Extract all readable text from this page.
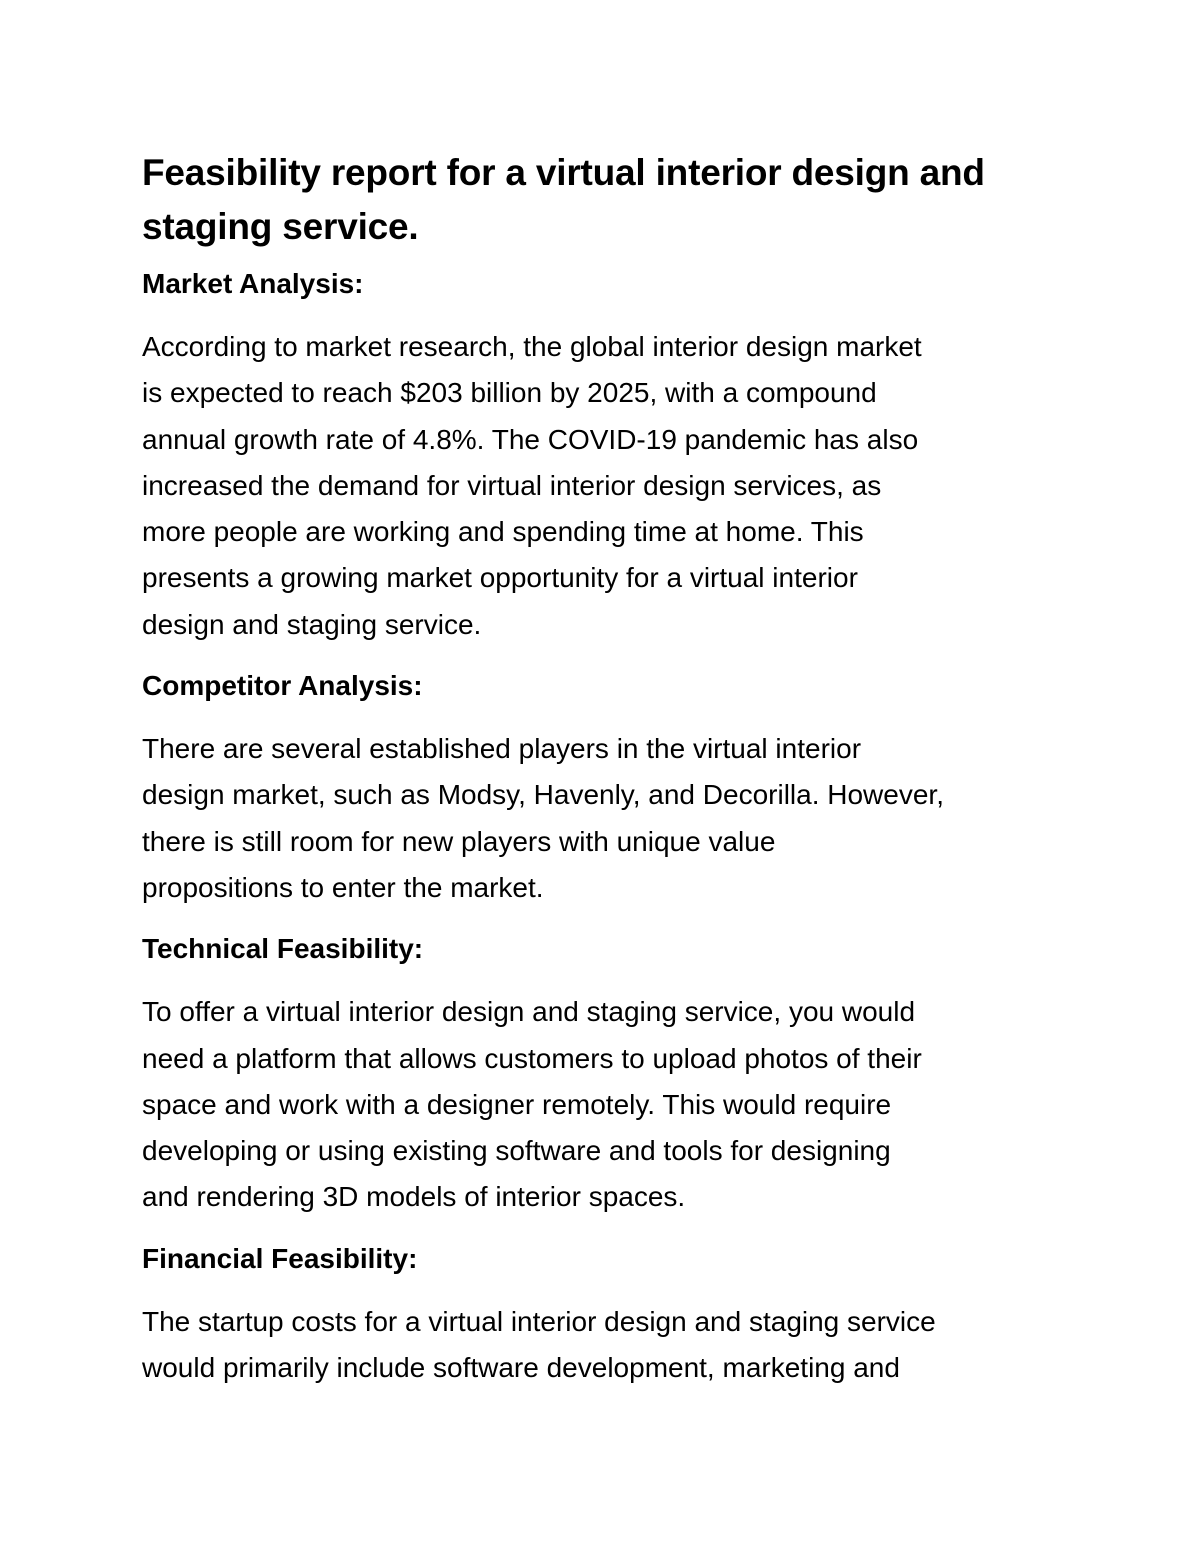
Feasibility report for a virtual interior design and
staging service.
Market Analysis:

According to market research, the global interior design market
is expected to reach $203 billion by 2025, with a compound
annual growth rate of 4.8%. The COVID-19 pandemic has also
increased the demand for virtual interior design services, as
more people are working and spending time at home. This
presents a growing market opportunity for a virtual interior
design and staging service.

Competitor Analysis:

There are several established players in the virtual interior
design market, such as Modsy, Havenly, and Decorilla. However,
there is still room for new players with unique value
propositions to enter the market.

Technical Feasibility:

To offer a virtual interior design and staging service, you would
need a platform that allows customers to upload photos of their
space and work with a designer remotely. This would require
developing or using existing software and tools for designing
and rendering 3D models of interior spaces.

Financial Feasibility:

The startup costs for a virtual interior design and staging service
would primarily include software development, marketing and
